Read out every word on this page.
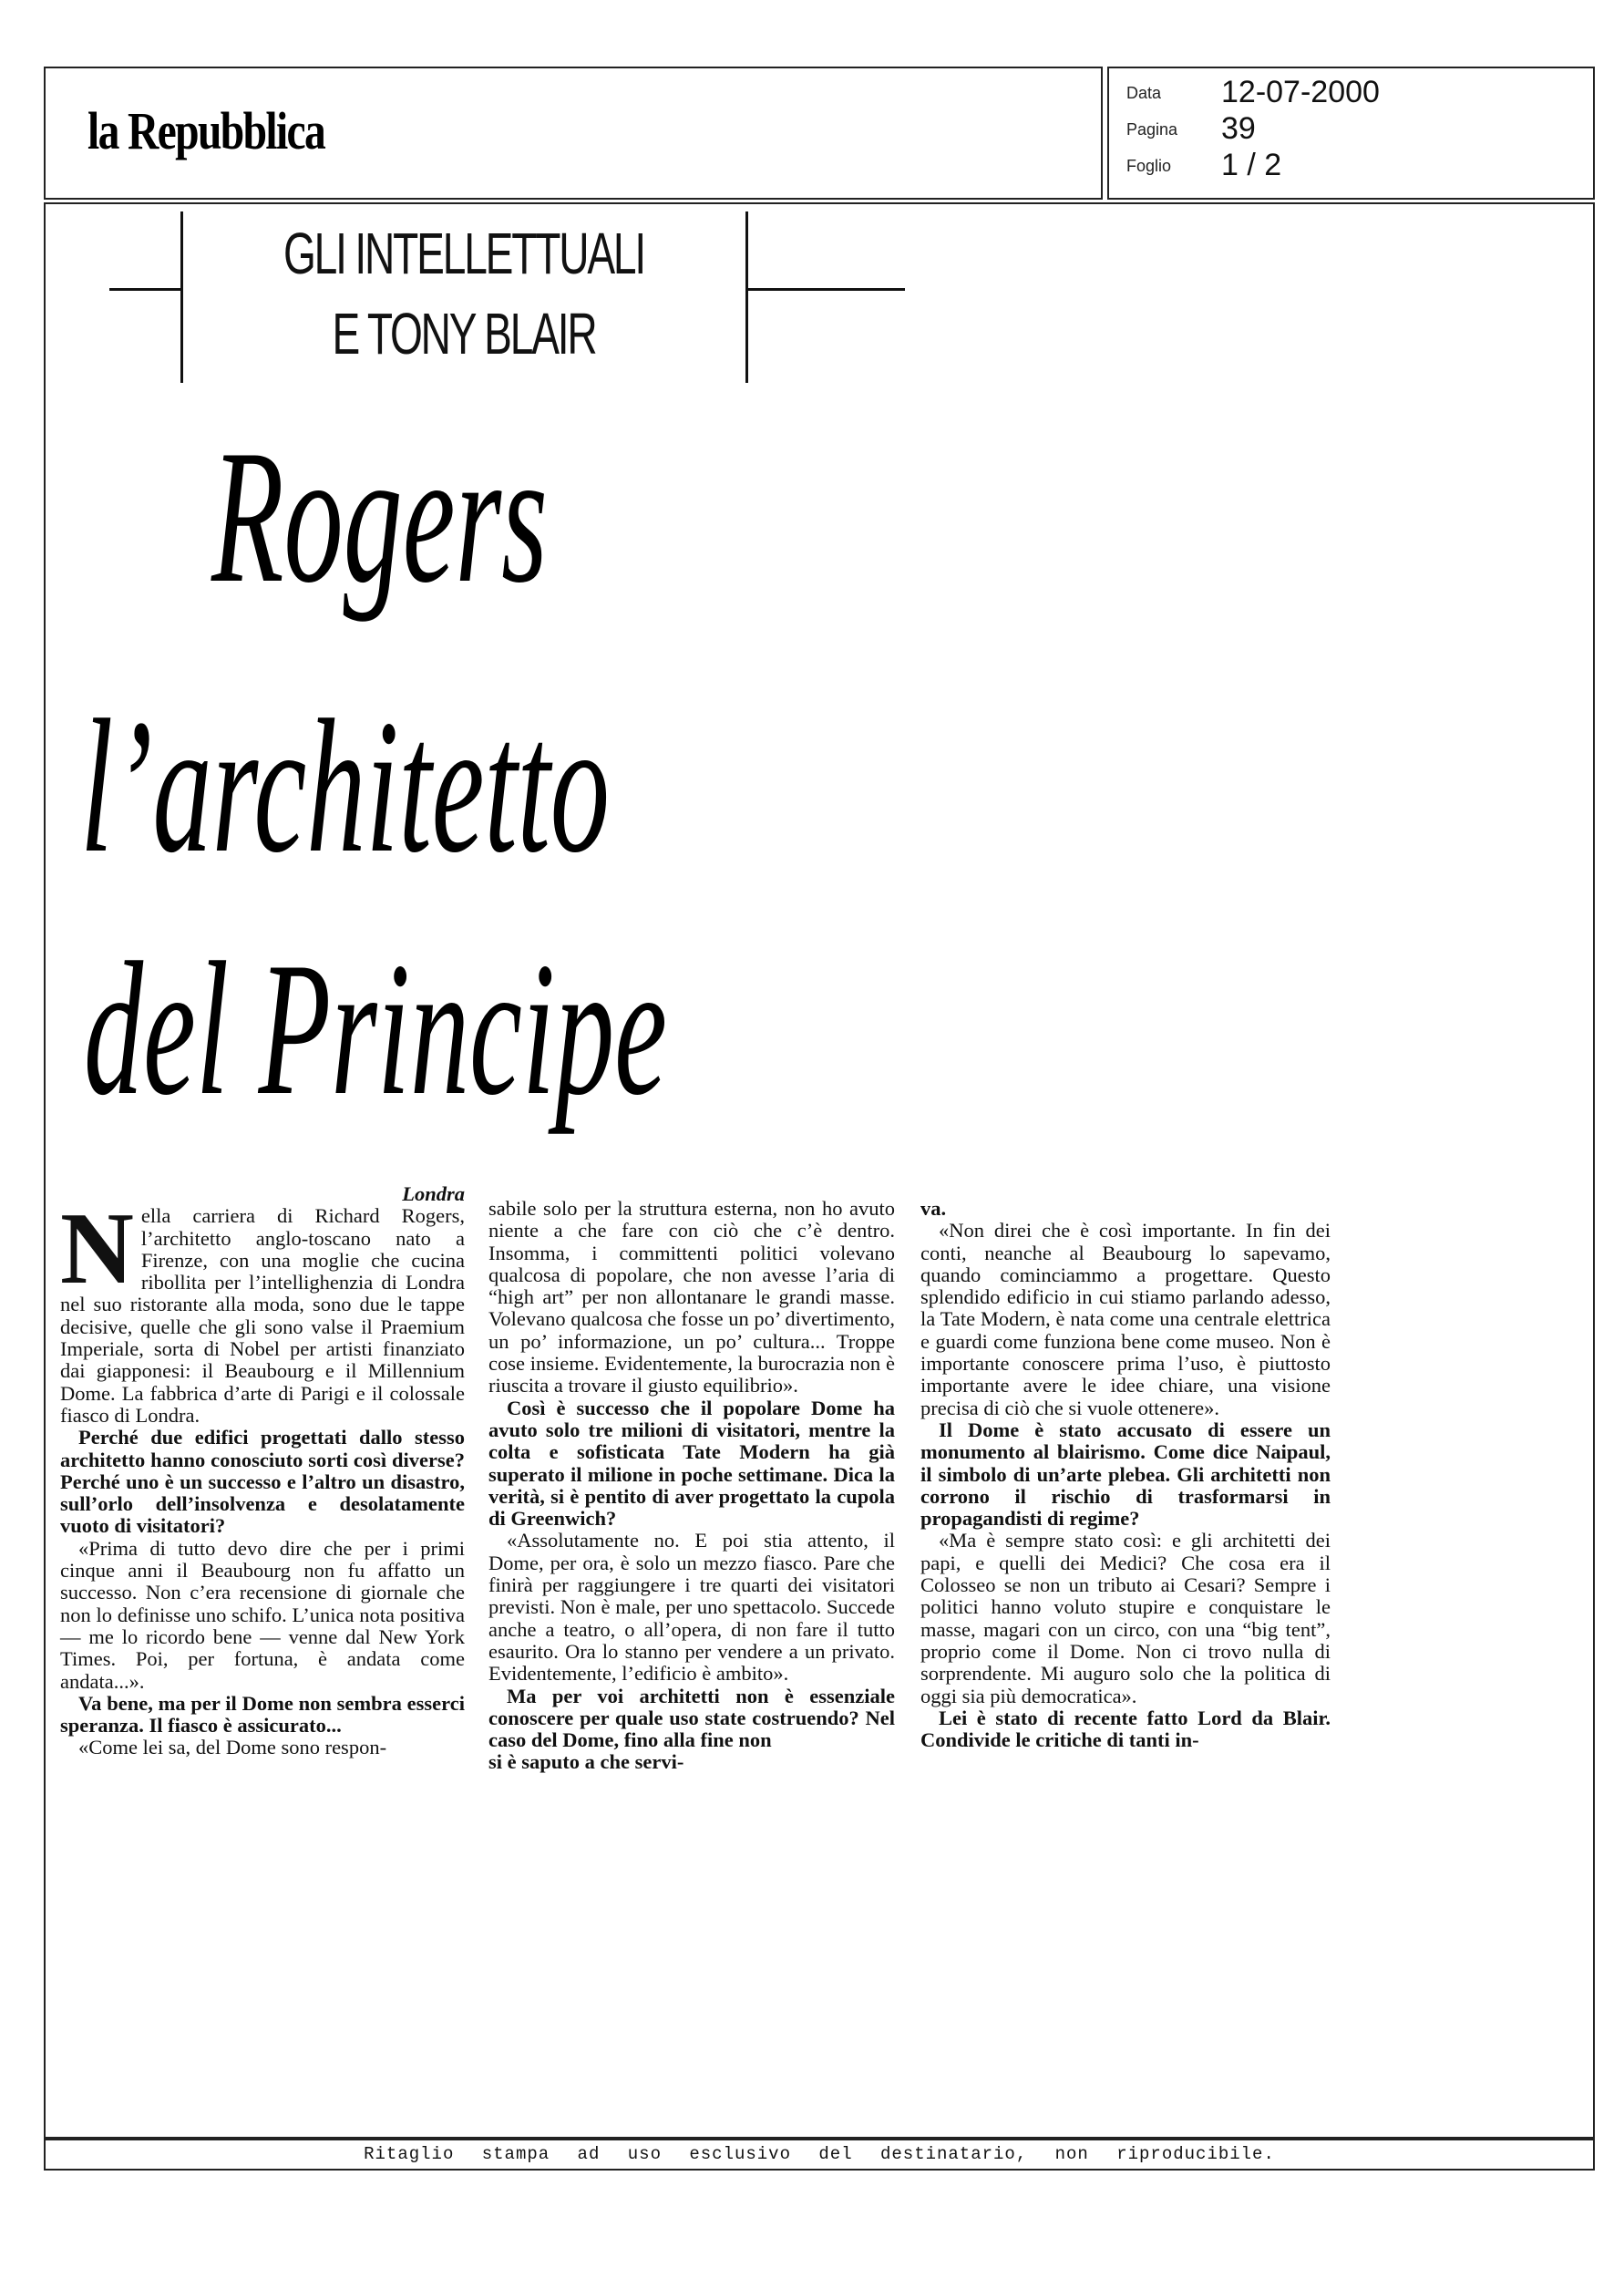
la Repubblica
Data 12-07-2000
Pagina 39
Foglio 1 / 2
GLI INTELLETTUALI
E TONY BLAIR
Rogers
l’architetto
del Principe

Londra

Nella carriera di Richard Rogers, l’architetto anglo-toscano nato a Firenze, con una moglie che cucina ribollita per l’intellighenzia di Londra nel suo ristorante alla moda, sono due le tappe decisive, quelle che gli sono valse il Praemium Imperiale, sorta di Nobel per artisti finanziato dai giapponesi: il Beaubourg e il Millennium Dome. La fabbrica d’arte di Parigi e il colossale fiasco di Londra.

Perché due edifici progettati dallo stesso architetto hanno conosciuto sorti così diverse? Perché uno è un successo e l’altro un disastro, sull’orlo dell’insolvenza e desolatamente vuoto di visitatori?

«Prima di tutto devo dire che per i primi cinque anni il Beaubourg non fu affatto un successo. Non c’era recensione di giornale che non lo definisse uno schifo. L’unica nota positiva — me lo ricordo bene — venne dal New York Times. Poi, per fortuna, è andata come andata...».

Va bene, ma per il Dome non sembra esserci speranza. Il fiasco è assicurato...

«Come lei sa, del Dome sono respon-

sabile solo per la struttura esterna, non ho avuto niente a che fare con ciò che c’è dentro. Insomma, i committenti politici volevano qualcosa di popolare, che non avesse l’aria di “high art” per non allontanare le grandi masse. Volevano qualcosa che fosse un po’ divertimento, un po’ informazione, un po’ cultura... Troppe cose insieme. Evidentemente, la burocrazia non è riuscita a trovare il giusto equilibrio».

Così è successo che il popolare Dome ha avuto solo tre milioni di visitatori, mentre la colta e sofisticata Tate Modern ha già superato il milione in poche settimane. Dica la verità, si è pentito di aver progettato la cupola di Greenwich?

«Assolutamente no. E poi stia attento, il Dome, per ora, è solo un mezzo fiasco. Pare che finirà per raggiungere i tre quarti dei visitatori previsti. Non è male, per uno spettacolo. Succede anche a teatro, o all’opera, di non fare il tutto esaurito. Ora lo stanno per vendere a un privato. Evidentemente, l’edificio è ambito».

Ma per voi architetti non è essenziale conoscere per quale uso state costruendo? Nel caso del Dome, fino alla fine non

si è saputo a che servi-

va.

«Non direi che è così importante. In fin dei conti, neanche al Beaubourg lo sapevamo, quando cominciammo a progettare. Questo splendido edificio in cui stiamo parlando adesso, la Tate Modern, è nata come una centrale elettrica e guardi come funziona bene come museo. Non è importante conoscere prima l’uso, è piuttosto importante avere le idee chiare, una visione precisa di ciò che si vuole ottenere».

Il Dome è stato accusato di essere un monumento al blairismo. Come dice Naipaul, il simbolo di un’arte plebea. Gli architetti non corrono il rischio di trasformarsi in propagandisti di regime?

«Ma è sempre stato così: e gli architetti dei papi, e quelli dei Medici? Che cosa era il Colosseo se non un tributo ai Cesari? Sempre i politici hanno voluto stupire e conquistare le masse, magari con un circo, con una “big tent”, proprio come il Dome. Non ci trovo nulla di sorprendente. Mi auguro solo che la politica di oggi sia più democratica».

Lei è stato di recente fatto Lord da Blair. Condivide le critiche di tanti in-

Ritaglio stampa ad uso esclusivo del destinatario, non riproducibile.
